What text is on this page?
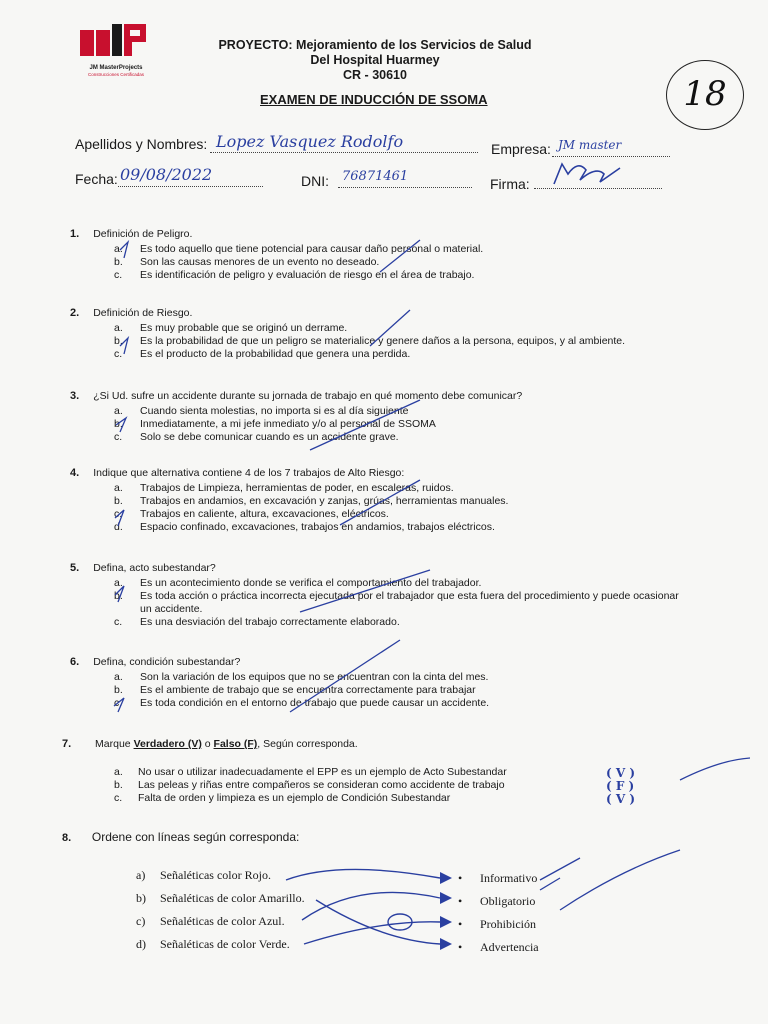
JM MasterProjects
Construcciones Certificadas
PROYECTO: Mejoramiento de los Servicios de Salud
Del Hospital Huarmey
CR - 30610
EXAMEN DE INDUCCIÓN DE SSOMA	18
Apellidos y Nombres: Lopez Vasquez Rodolfo	Empresa: JM master
Fecha: 09/08/2022	DNI:	76871461	Firma:
1. Definición de Peligro.
a.	Es todo aquello que tiene potencial para causar daño personal o material.
b.	Son las causas menores de un evento no deseado.
c.	Es identificación de peligro y evaluación de riesgo en el área de trabajo.
2. Definición de Riesgo.
a.	Es muy probable que se originó un derrame.
b.	Es la probabilidad de que un peligro se materialice y genere daños a la persona, equipos, y al ambiente.
c.	Es el producto de la probabilidad que genera una perdida.
3. ¿Si Ud. sufre un accidente durante su jornada de trabajo en qué momento debe comunicar?
a.	Cuando sienta molestias, no importa si es al día siguiente
b.	Inmediatamente, a mi jefe inmediato y/o al personal de SSOMA
c.	Solo se debe comunicar cuando es un accidente grave.
4. Indique que alternativa contiene 4 de los 7 trabajos de Alto Riesgo:
a.	Trabajos de Limpieza, herramientas de poder, en escaleras, ruidos.
b.	Trabajos en andamios, en excavación y zanjas, grúas, herramientas manuales.
c.	Trabajos en caliente, altura, excavaciones, eléctricos.
d.	Espacio confinado, excavaciones, trabajos en andamios, trabajos eléctricos.
5. Defina, acto subestandar?
a.	Es un acontecimiento donde se verifica el comportamiento del trabajador.
b.	Es toda acción o práctica incorrecta ejecutada por el trabajador que esta fuera del procedimiento y puede ocasionar un accidente.
c.	Es una desviación del trabajo correctamente elaborado.
6. Defina, condición subestandar?
a.	Son la variación de los equipos que no se encuentran con la cinta del mes.
b.	Es el ambiente de trabajo que se encuentra correctamente para trabajar
c.	Es toda condición en el entorno de trabajo que puede causar un accidente.
7. Marque Verdadero (V) o Falso (F), Según corresponda.
a.	No usar o utilizar inadecuadamente el EPP es un ejemplo de Acto Subestandar	( V )
b.	Las peleas y riñas entre compañeros se consideran como accidente de trabajo	( F )
c.	Falta de orden y limpieza es un ejemplo de Condición Subestandar	( V )
8. Ordene con líneas según corresponda:
a) Señaléticas color Rojo.
b) Señaléticas de color Amarillo.
c) Señaléticas de color Azul.
d) Señaléticas de color Verde.
• Informativo
• Obligatorio
• Prohibición
• Advertencia
